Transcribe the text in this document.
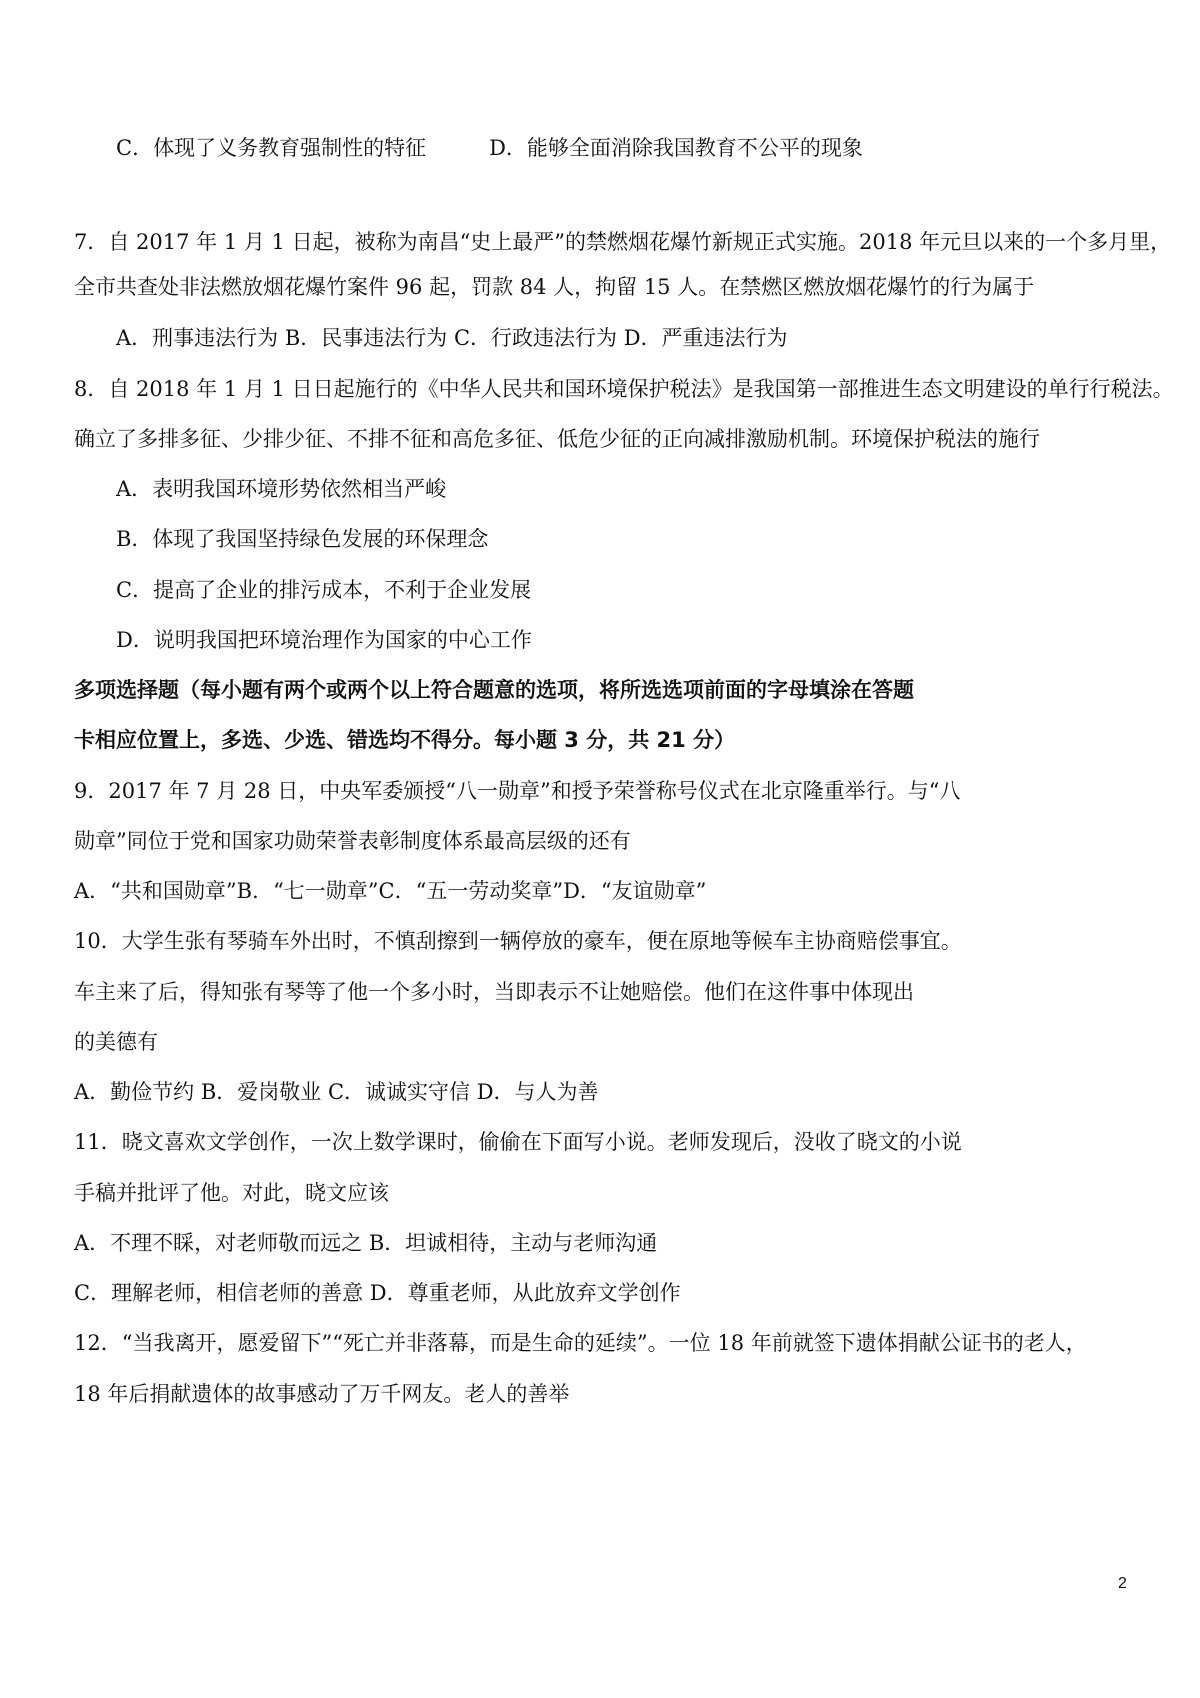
C．体现了义务教育强制性的特征　　　D．能够全面消除我国教育不公平的现象

7．自 2017 年 1 月 1 日起，被称为南昌“史上最严”的禁燃烟花爆竹新规正式实施。2018 年元旦以来的一个多月里，

全市共查处非法燃放烟花爆竹案件 96 起，罚款 84 人，拘留 15 人。在禁燃区燃放烟花爆竹的行为属于

A．刑事违法行为 B．民事违法行为 C．行政违法行为 D．严重违法行为

8．自 2018 年 1 月 1 日日起施行的《中华人民共和国环境保护税法》是我国第一部推进生态文明建设的单行行税法。

确立了多排多征、少排少征、不排不征和高危多征、低危少征的正向减排激励机制。环境保护税法的施行

A．表明我国环境形势依然相当严峻

B．体现了我国坚持绿色发展的环保理念

C．提高了企业的排污成本，不利于企业发展

D．说明我国把环境治理作为国家的中心工作

多项选择题（每小题有两个或两个以上符合题意的选项，将所选选项前面的字母填涂在答题

卡相应位置上，多选、少选、错选均不得分。每小题 3 分，共 21 分）

9．2017 年 7 月 28 日，中央军委颁授“八一勋章”和授予荣誉称号仪式在北京隆重举行。与“八

勋章”同位于党和国家功勋荣誉表彰制度体系最高层级的还有

A．“共和国勋章”B．“七一勋章”C．“五一劳动奖章”D．“友谊勋章”

10．大学生张有琴骑车外出时，不慎刮擦到一辆停放的豪车，便在原地等候车主协商赔偿事宜。

车主来了后，得知张有琴等了他一个多小时，当即表示不让她赔偿。他们在这件事中体现出

的美德有

A．勤俭节约 B．爱岗敬业 C．诚诚实守信 D．与人为善

11．晓文喜欢文学创作，一次上数学课时，偷偷在下面写小说。老师发现后，没收了晓文的小说

手稿并批评了他。对此，晓文应该

A．不理不睬，对老师敬而远之 B．坦诚相待，主动与老师沟通

C．理解老师，相信老师的善意 D．尊重老师，从此放弃文学创作

12．“当我离开，愿爱留下”“死亡并非落幕，而是生命的延续”。一位 18 年前就签下遗体捐献公证书的老人，

18 年后捐献遗体的故事感动了万千网友。老人的善举

2
